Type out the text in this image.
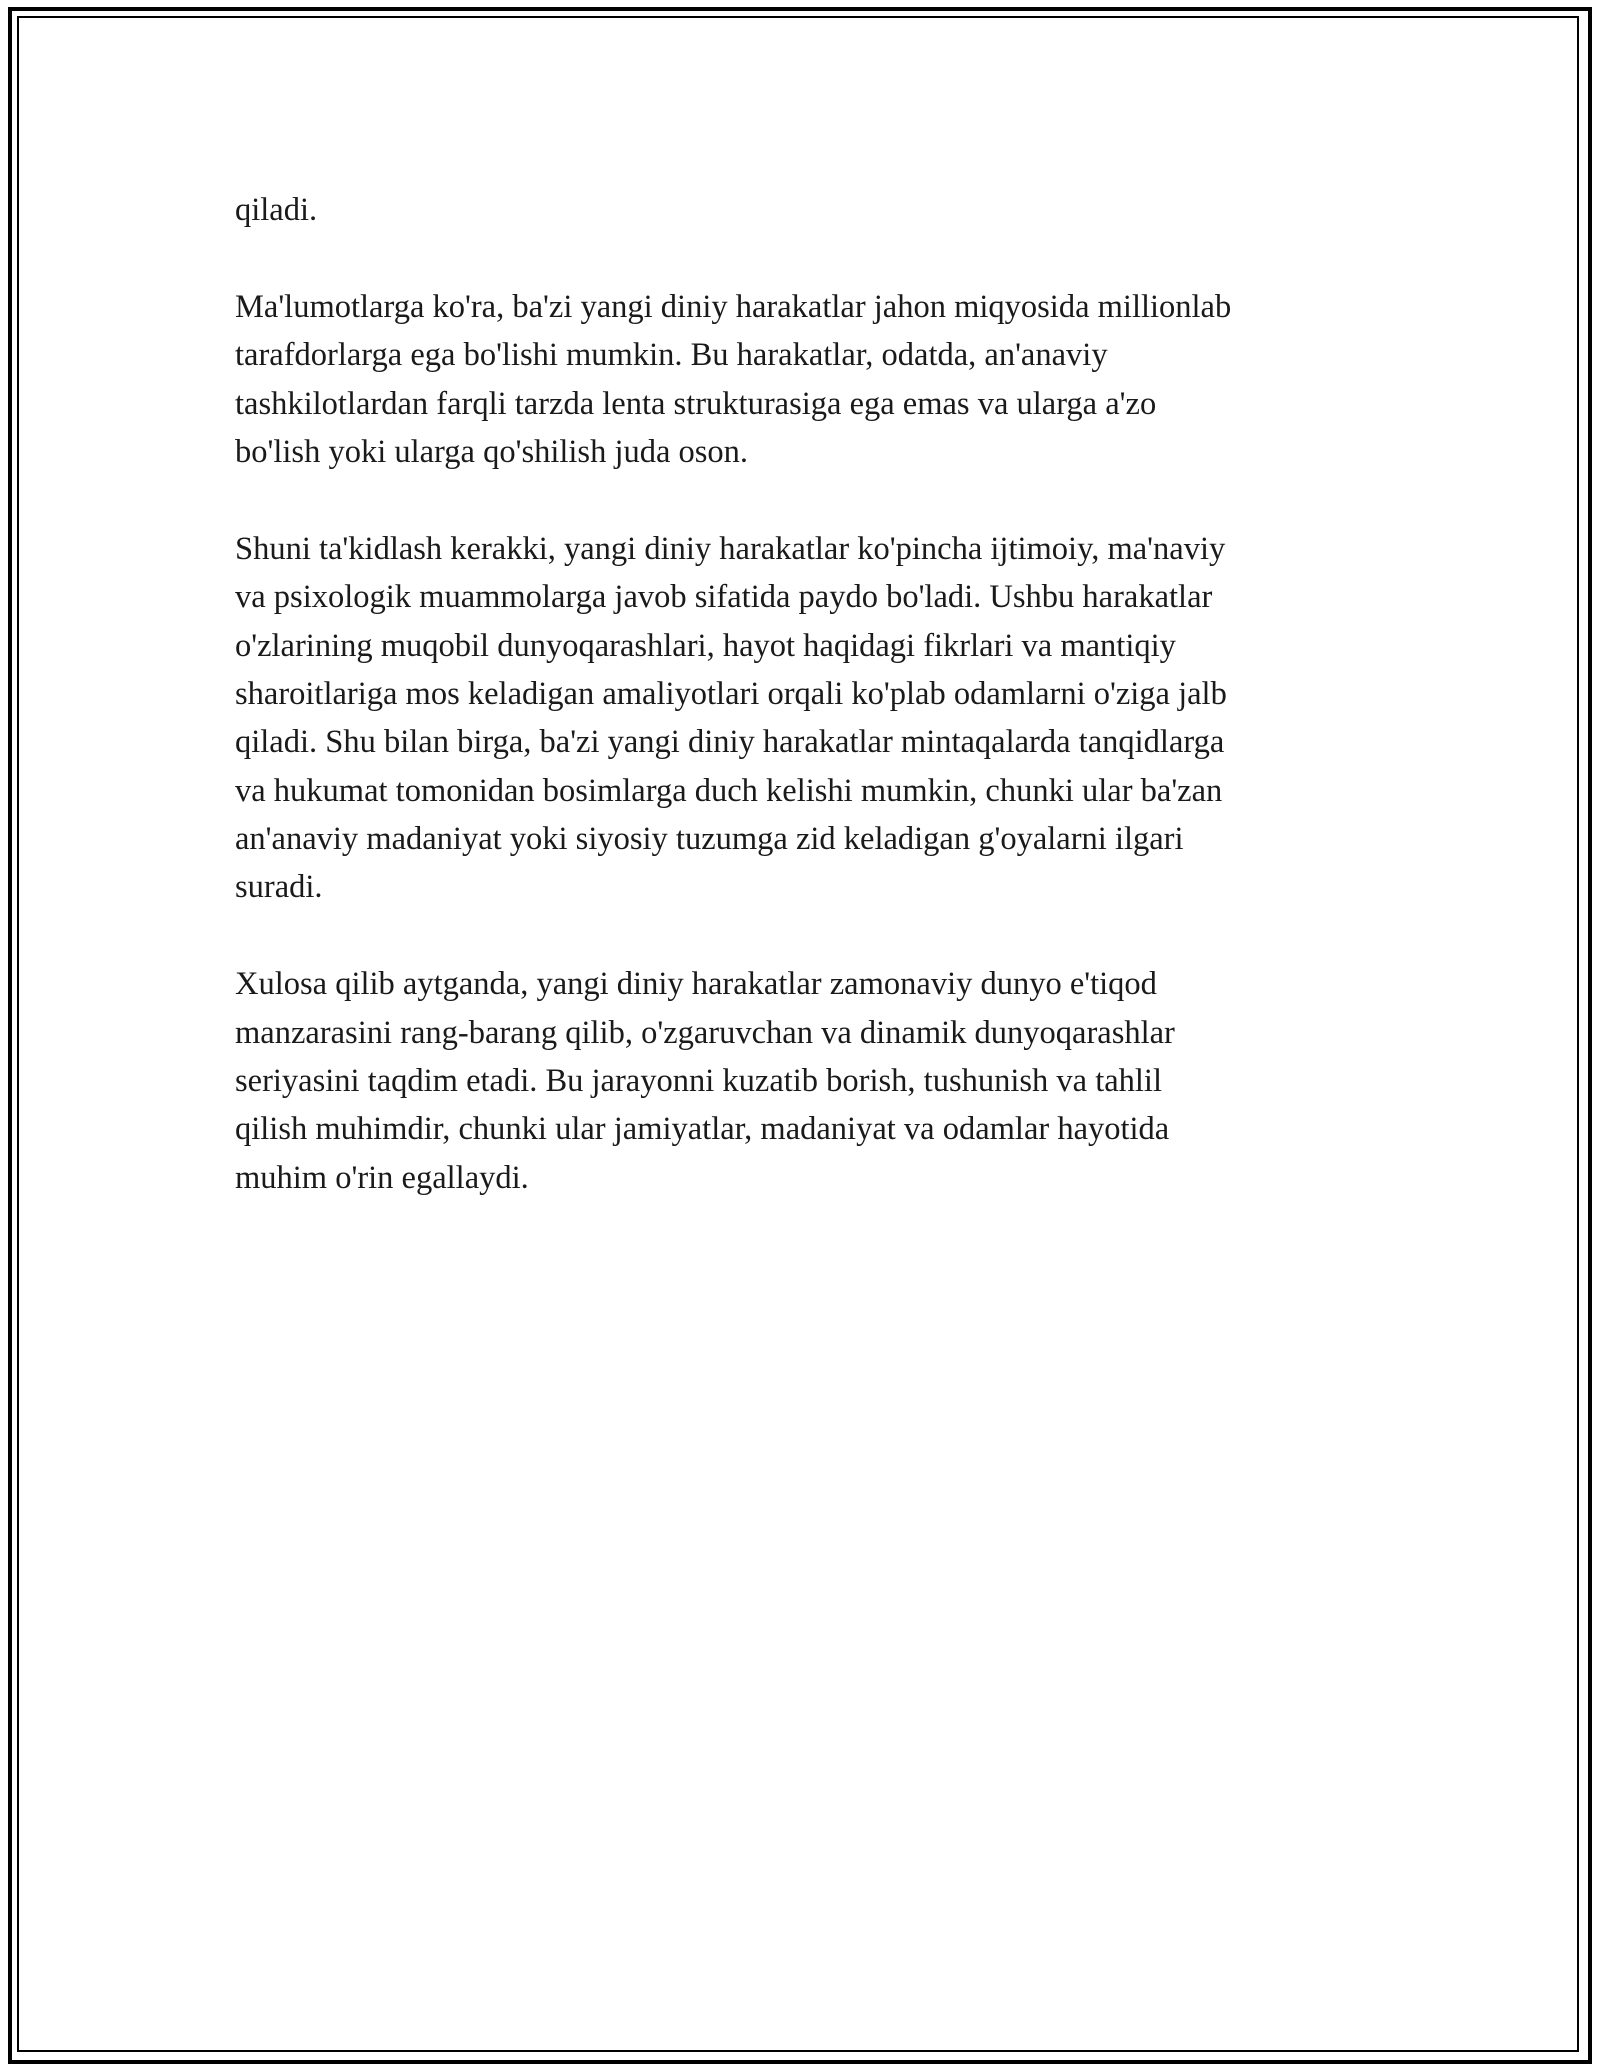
qiladi.
Ma'lumotlarga ko'ra, ba'zi yangi diniy harakatlar jahon miqyosida millionlab
tarafdorlarga ega bo'lishi mumkin. Bu harakatlar, odatda, an'anaviy
tashkilotlardan farqli tarzda lenta strukturasiga ega emas va ularga a'zo
bo'lish yoki ularga qo'shilish juda oson.
Shuni ta'kidlash kerakki, yangi diniy harakatlar ko'pincha ijtimoiy, ma'naviy
va psixologik muammolarga javob sifatida paydo bo'ladi. Ushbu harakatlar
o'zlarining muqobil dunyoqarashlari, hayot haqidagi fikrlari va mantiqiy
sharoitlariga mos keladigan amaliyotlari orqali ko'plab odamlarni o'ziga jalb
qiladi. Shu bilan birga, ba'zi yangi diniy harakatlar mintaqalarda tanqidlarga
va hukumat tomonidan bosimlarga duch kelishi mumkin, chunki ular ba'zan
an'anaviy madaniyat yoki siyosiy tuzumga zid keladigan g'oyalarni ilgari
suradi.
Xulosa qilib aytganda, yangi diniy harakatlar zamonaviy dunyo e'tiqod
manzarasini rang-barang qilib, o'zgaruvchan va dinamik dunyoqarashlar
seriyasini taqdim etadi. Bu jarayonni kuzatib borish, tushunish va tahlil
qilish muhimdir, chunki ular jamiyatlar, madaniyat va odamlar hayotida
muhim o'rin egallaydi.
